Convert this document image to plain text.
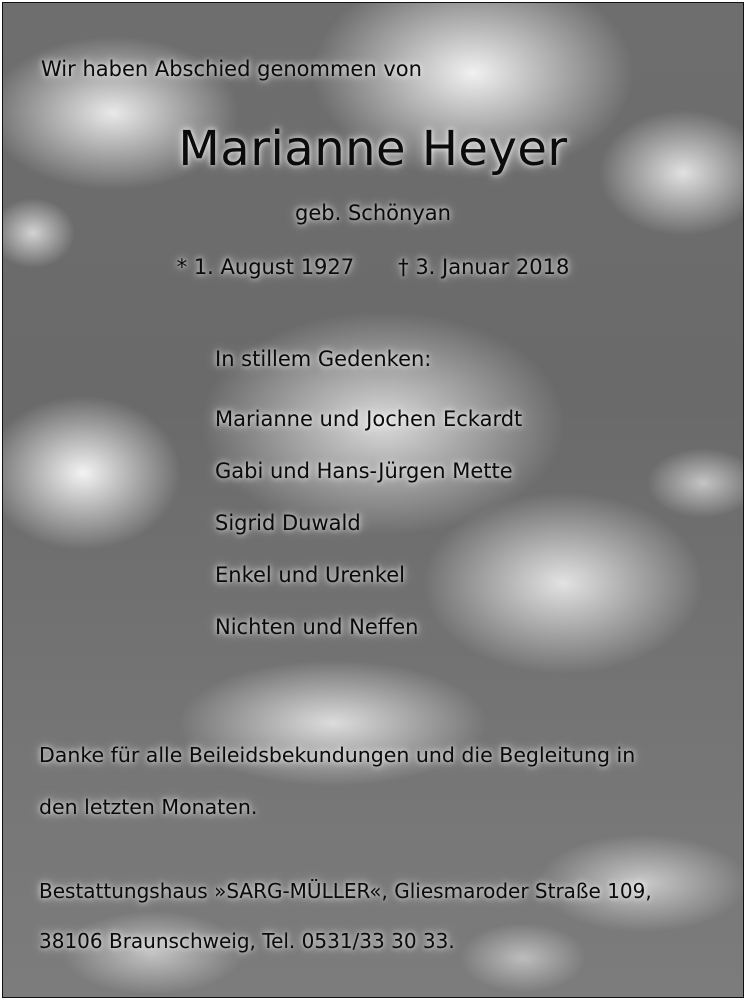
Wir haben Abschied genommen von
Marianne Heyer
geb. Schönyan
* 1. August 1927 † 3. Januar 2018
In stillem Gedenken:
Marianne und Jochen Eckardt
Gabi und Hans-Jürgen Mette
Sigrid Duwald
Enkel und Urenkel
Nichten und Neffen
Danke für alle Beileidsbekundungen und die Begleitung in
den letzten Monaten.
Bestattungshaus »SARG-MÜLLER«, Gliesmaroder Straße 109,
38106 Braunschweig, Tel. 0531/33 30 33.
